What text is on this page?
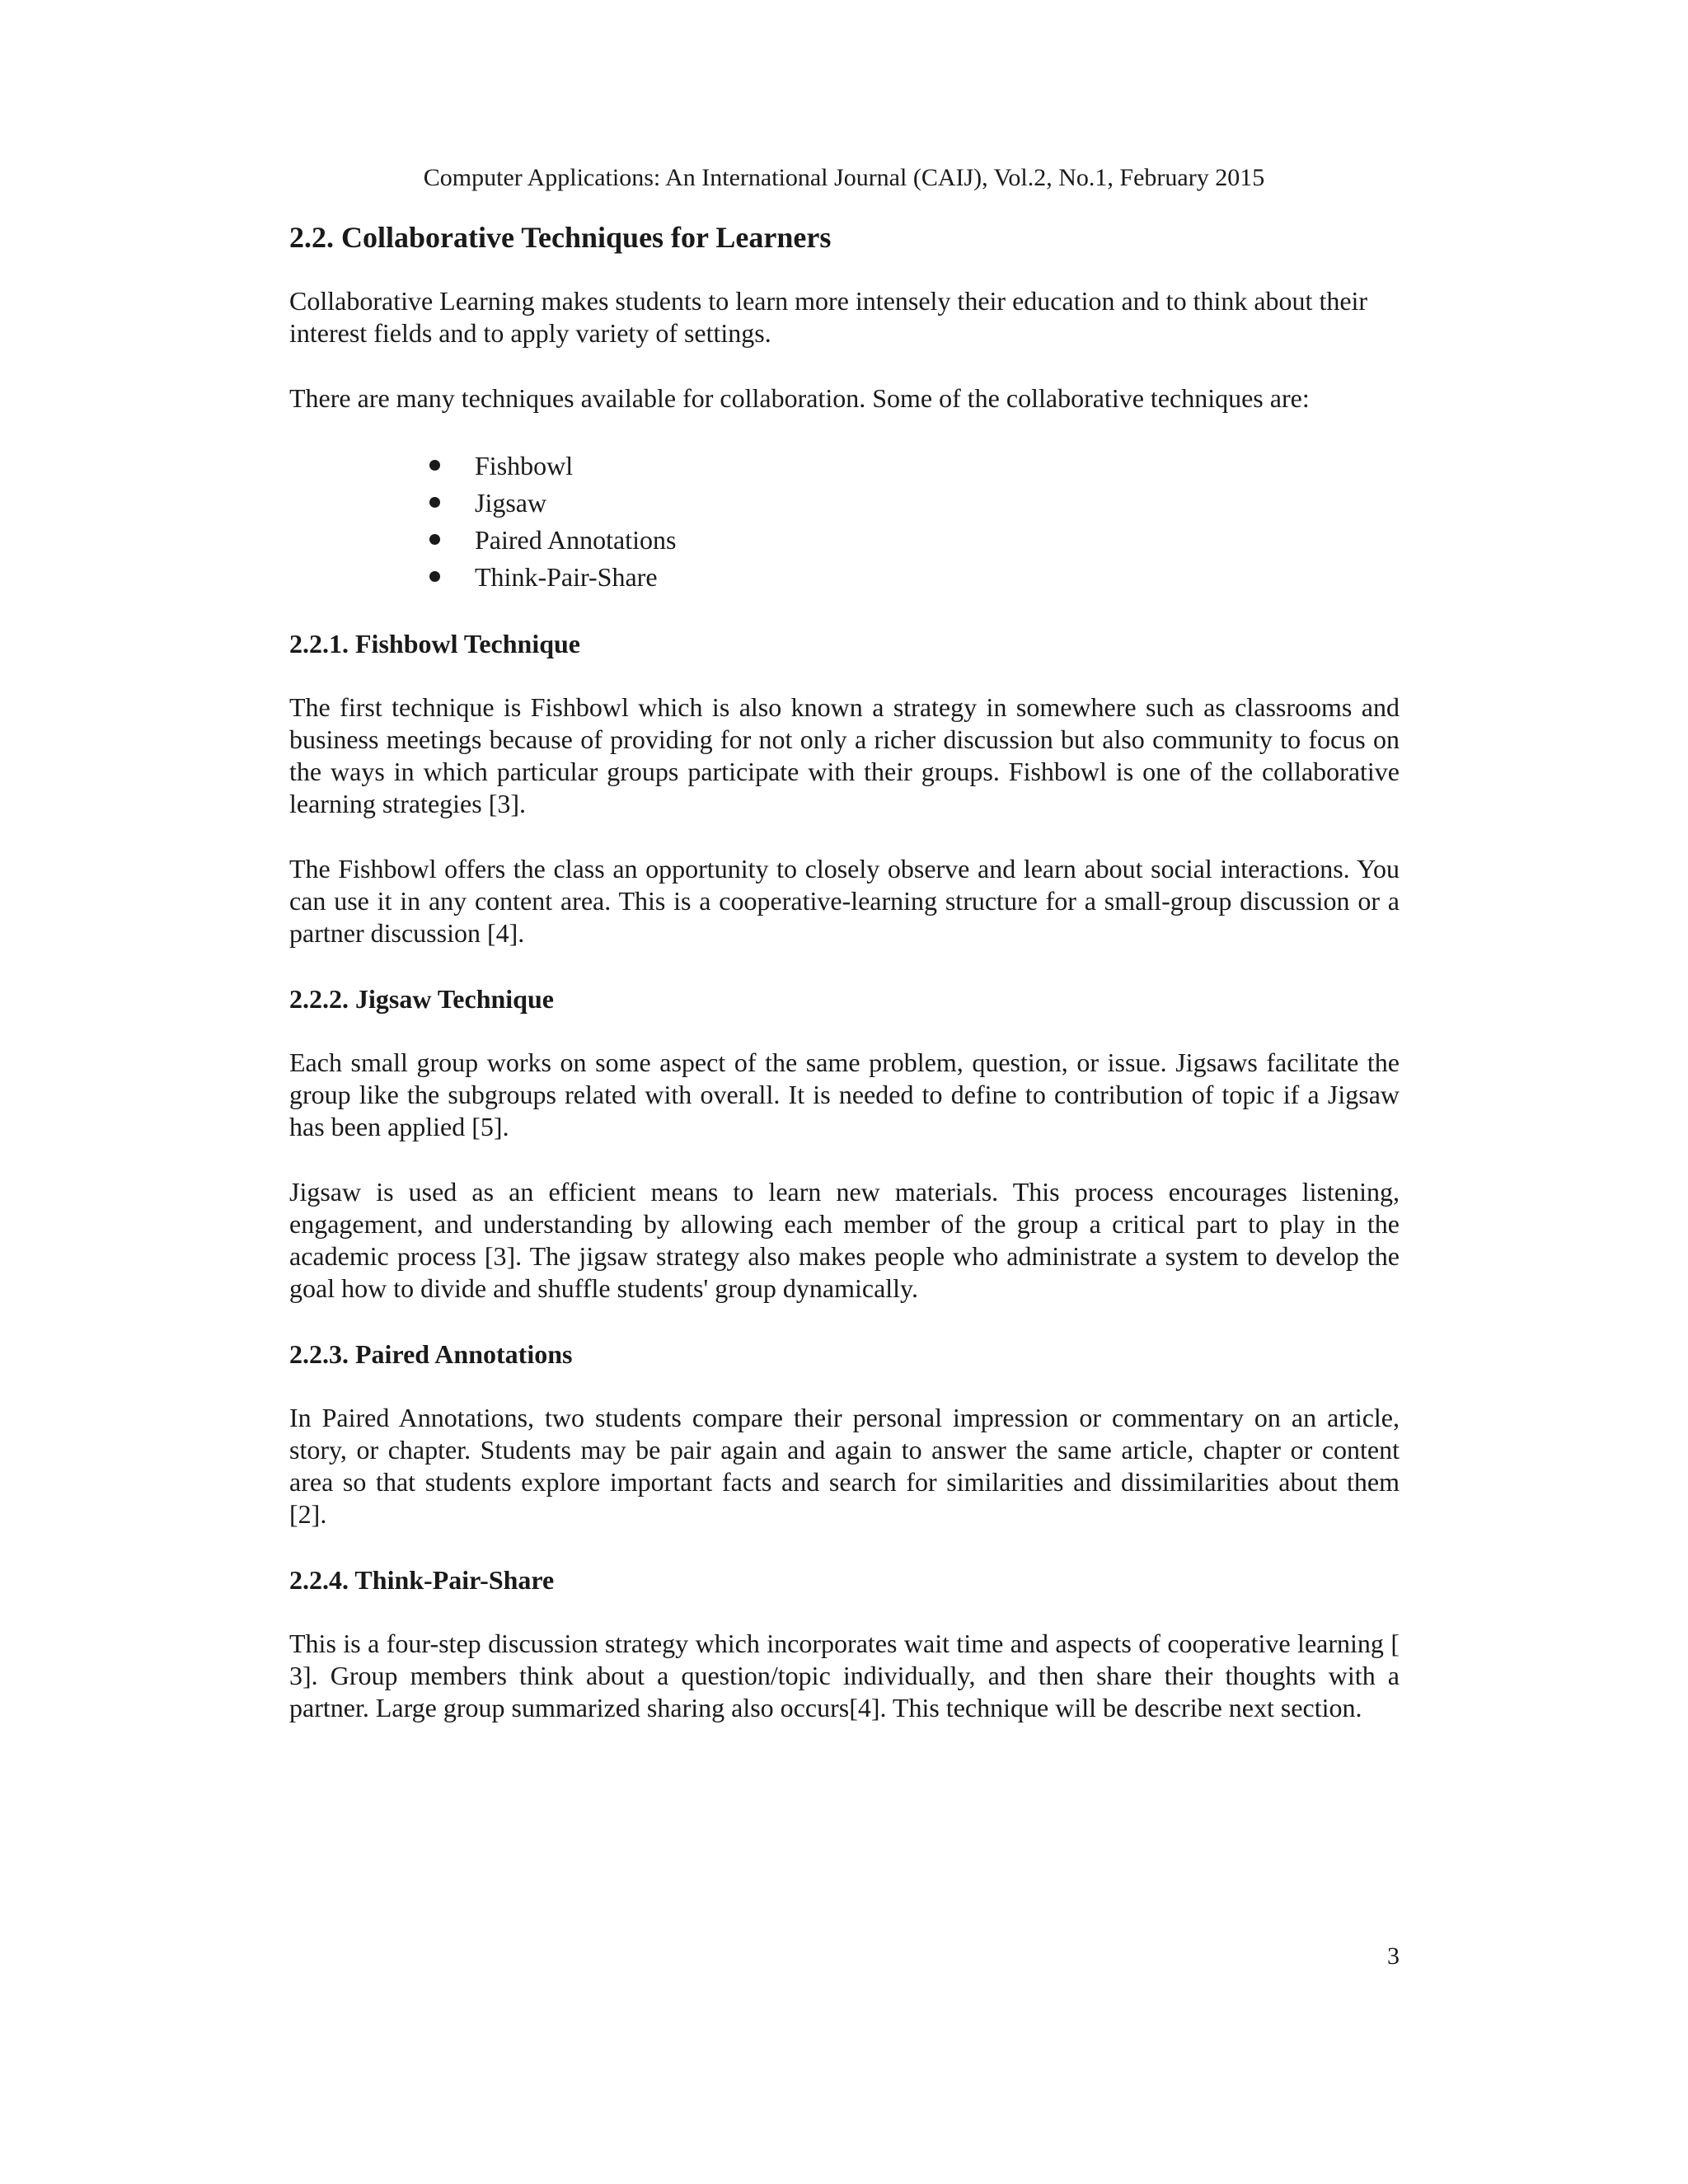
Computer Applications: An International Journal (CAIJ), Vol.2, No.1, February 2015
2.2. Collaborative Techniques for Learners

Collaborative Learning makes students to learn more intensely their education and to think about their interest fields and to apply variety of settings.

There are many techniques available for collaboration. Some of the collaborative techniques are:

Fishbowl
Jigsaw
Paired Annotations
Think-Pair-Share
2.2.1. Fishbowl Technique

The first technique is Fishbowl which is also known a strategy in somewhere such as classrooms and business meetings because of providing for not only a richer discussion but also community to focus on the ways in which particular groups participate with their groups. Fishbowl is one of the collaborative learning strategies [3].

The Fishbowl offers the class an opportunity to closely observe and learn about social interactions. You can use it in any content area. This is a cooperative-learning structure for a small-group discussion or a partner discussion [4].

2.2.2. Jigsaw Technique

Each small group works on some aspect of the same problem, question, or issue. Jigsaws facilitate the group like the subgroups related with overall. It is needed to define to contribution of topic if a Jigsaw has been applied [5].

Jigsaw is used as an efficient means to learn new materials. This process encourages listening, engagement, and understanding by allowing each member of the group a critical part to play in the academic process [3]. The jigsaw strategy also makes people who administrate a system to develop the goal how to divide and shuffle students' group dynamically.

2.2.3. Paired Annotations

In Paired Annotations, two students compare their personal impression or commentary on an article, story, or chapter. Students may be pair again and again to answer the same article, chapter or content area so that students explore important facts and search for similarities and dissimilarities about them [2].

2.2.4. Think-Pair-Share

This is a four-step discussion strategy which incorporates wait time and aspects of cooperative learning [ 3]. Group members think about a question/topic individually, and then share their thoughts with a partner. Large group summarized sharing also occurs[4]. This technique will be describe next section.

3
